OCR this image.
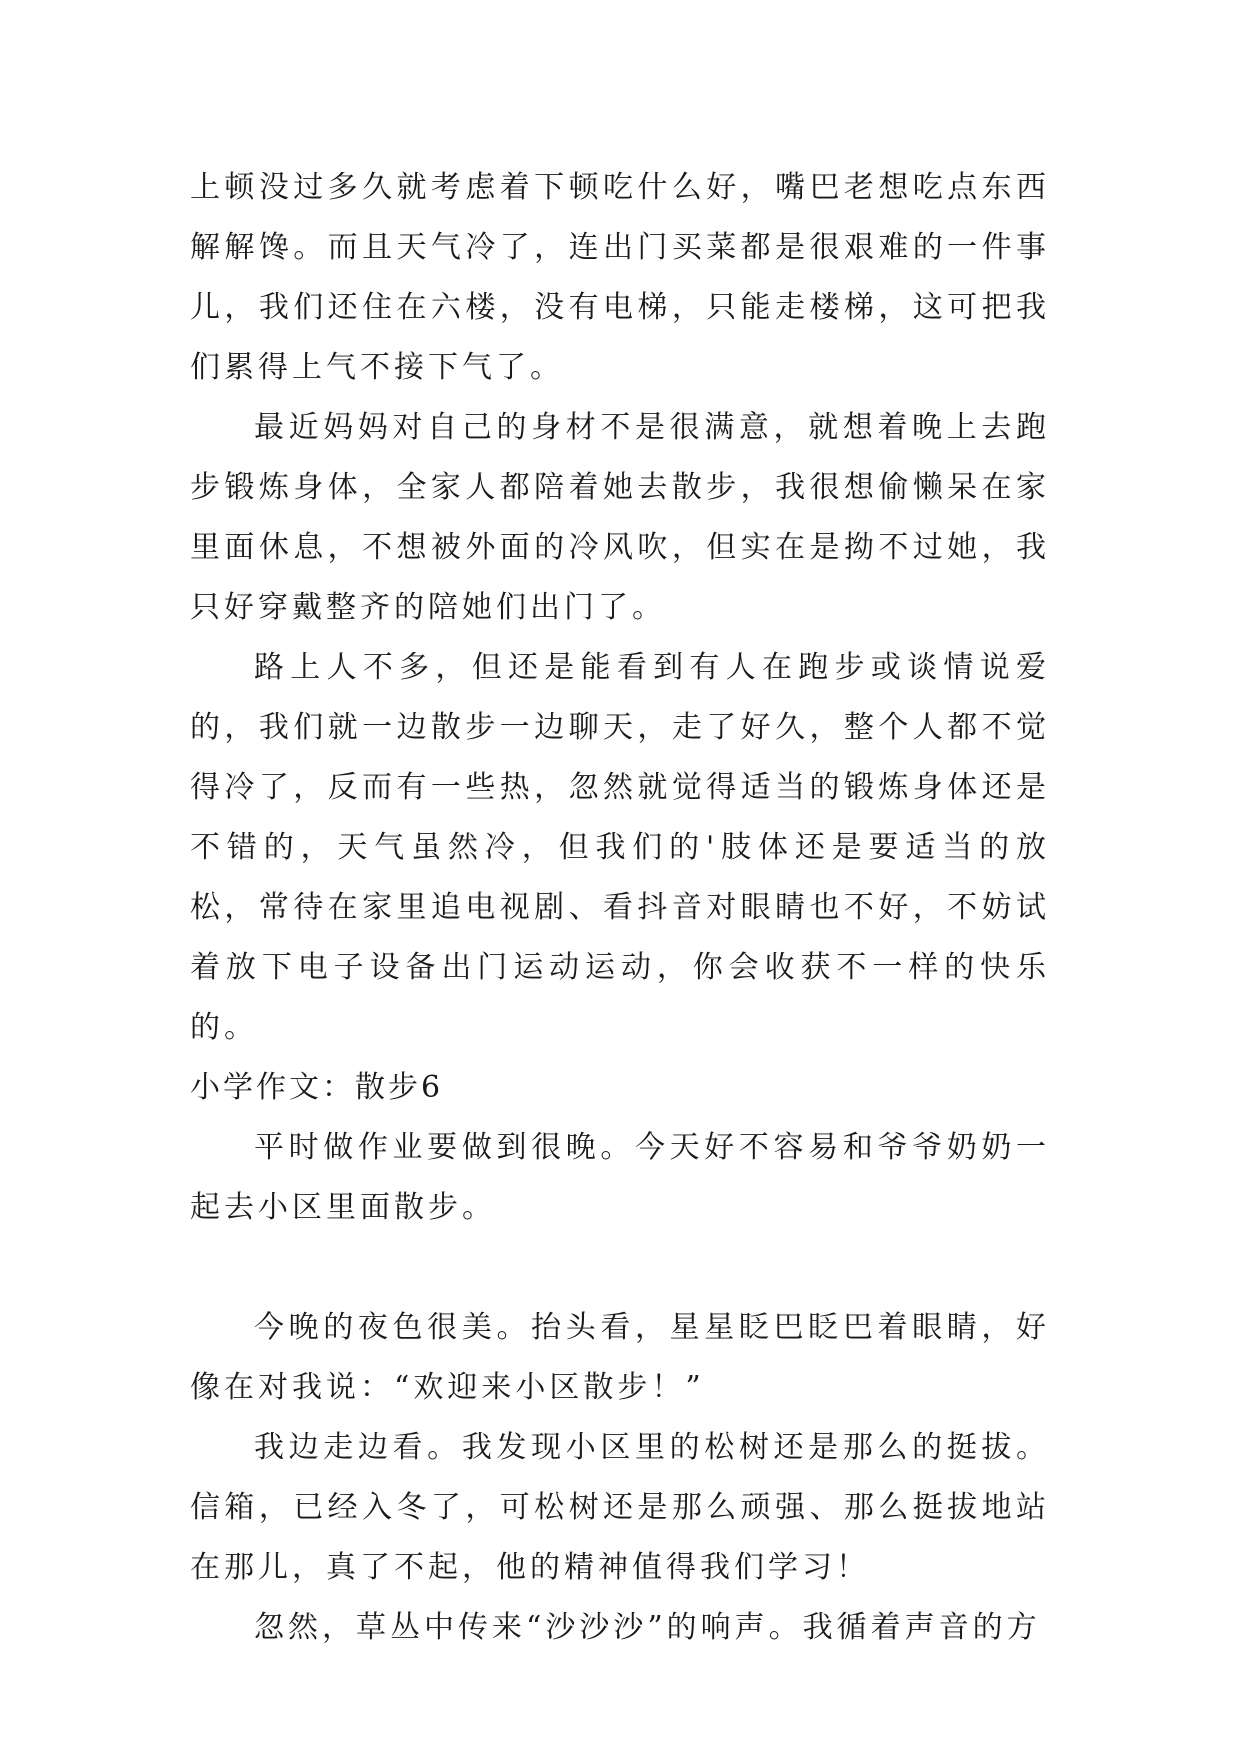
上顿没过多久就考虑着下顿吃什么好，嘴巴老想吃点东西解解馋。而且天气冷了，连出门买菜都是很艰难的一件事儿，我们还住在六楼，没有电梯，只能走楼梯，这可把我们累得上气不接下气了。

最近妈妈对自己的身材不是很满意，就想着晚上去跑步锻炼身体，全家人都陪着她去散步，我很想偷懒呆在家里面休息，不想被外面的冷风吹，但实在是拗不过她，我只好穿戴整齐的陪她们出门了。

路上人不多，但还是能看到有人在跑步或谈情说爱的，我们就一边散步一边聊天，走了好久，整个人都不觉得冷了，反而有一些热，忽然就觉得适当的锻炼身体还是不错的，天气虽然冷，但我们的'肢体还是要适当的放松，常待在家里追电视剧、看抖音对眼睛也不好，不妨试着放下电子设备出门运动运动，你会收获不一样的快乐的。

小学作文：散步6

平时做作业要做到很晚。今天好不容易和爷爷奶奶一起去小区里面散步。

今晚的夜色很美。抬头看，星星眨巴眨巴着眼睛，好像在对我说：“欢迎来小区散步！”

我边走边看。我发现小区里的松树还是那么的挺拔。信箱，已经入冬了，可松树还是那么顽强、那么挺拔地站在那儿，真了不起，他的精神值得我们学习！

忽然，草丛中传来“沙沙沙”的响声。我循着声音的方
